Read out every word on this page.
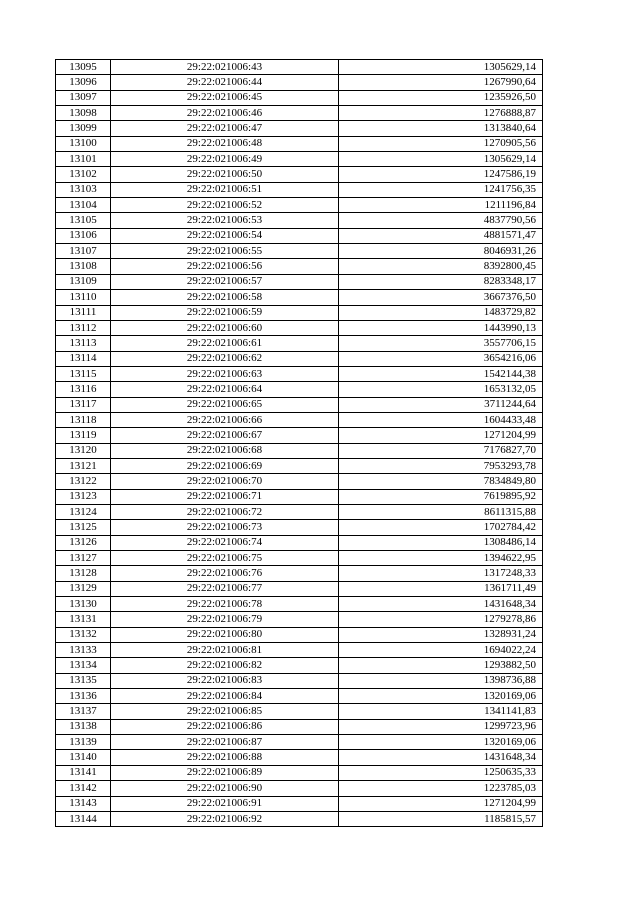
13095	29:22:021006:43	1305629,14
13096	29:22:021006:44	1267990,64
13097	29:22:021006:45	1235926,50
13098	29:22:021006:46	1276888,87
13099	29:22:021006:47	1313840,64
13100	29:22:021006:48	1270905,56
13101	29:22:021006:49	1305629,14
13102	29:22:021006:50	1247586,19
13103	29:22:021006:51	1241756,35
13104	29:22:021006:52	1211196,84
13105	29:22:021006:53	4837790,56
13106	29:22:021006:54	4881571,47
13107	29:22:021006:55	8046931,26
13108	29:22:021006:56	8392800,45
13109	29:22:021006:57	8283348,17
13110	29:22:021006:58	3667376,50
13111	29:22:021006:59	1483729,82
13112	29:22:021006:60	1443990,13
13113	29:22:021006:61	3557706,15
13114	29:22:021006:62	3654216,06
13115	29:22:021006:63	1542144,38
13116	29:22:021006:64	1653132,05
13117	29:22:021006:65	3711244,64
13118	29:22:021006:66	1604433,48
13119	29:22:021006:67	1271204,99
13120	29:22:021006:68	7176827,70
13121	29:22:021006:69	7953293,78
13122	29:22:021006:70	7834849,80
13123	29:22:021006:71	7619895,92
13124	29:22:021006:72	8611315,88
13125	29:22:021006:73	1702784,42
13126	29:22:021006:74	1308486,14
13127	29:22:021006:75	1394622,95
13128	29:22:021006:76	1317248,33
13129	29:22:021006:77	1361711,49
13130	29:22:021006:78	1431648,34
13131	29:22:021006:79	1279278,86
13132	29:22:021006:80	1328931,24
13133	29:22:021006:81	1694022,24
13134	29:22:021006:82	1293882,50
13135	29:22:021006:83	1398736,88
13136	29:22:021006:84	1320169,06
13137	29:22:021006:85	1341141,83
13138	29:22:021006:86	1299723,96
13139	29:22:021006:87	1320169,06
13140	29:22:021006:88	1431648,34
13141	29:22:021006:89	1250635,33
13142	29:22:021006:90	1223785,03
13143	29:22:021006:91	1271204,99
13144	29:22:021006:92	1185815,57
